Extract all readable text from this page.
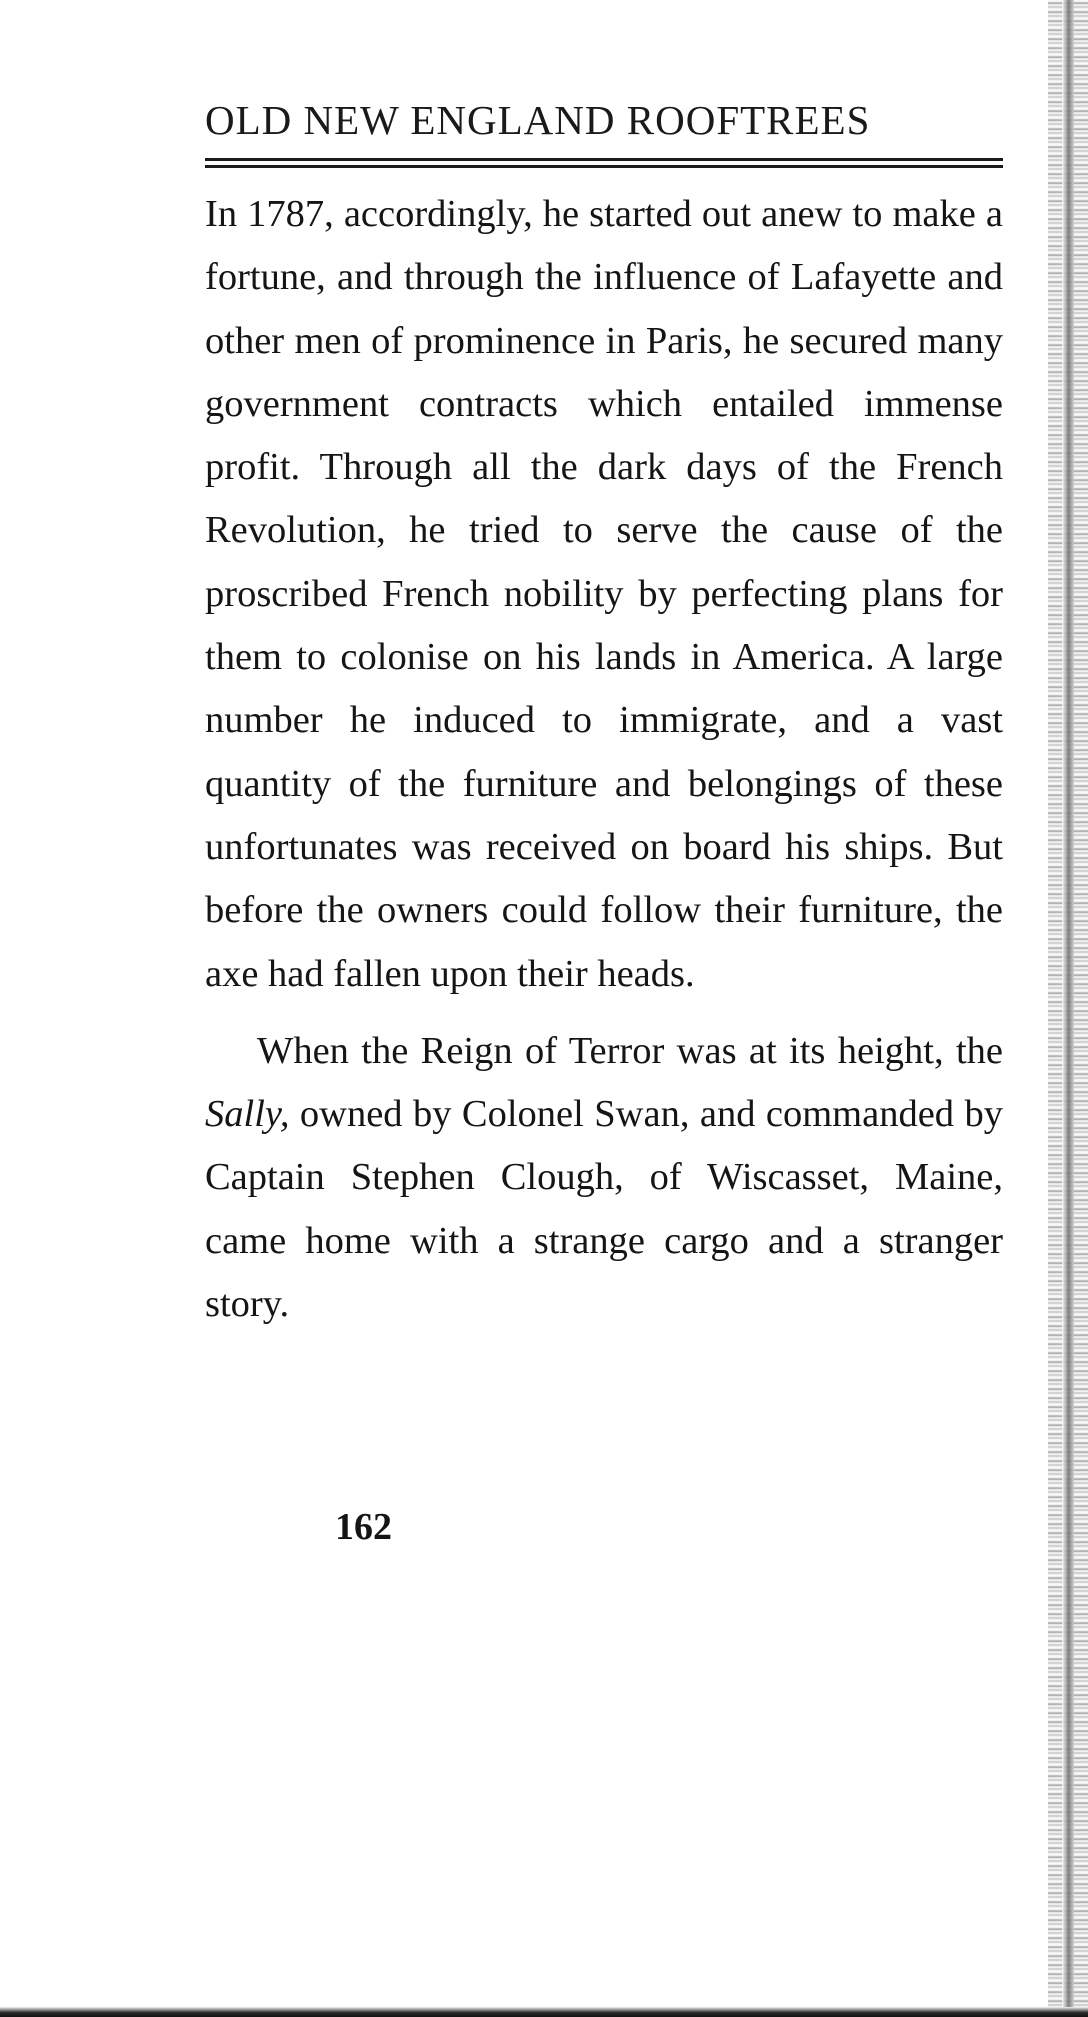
OLD NEW ENGLAND ROOFTREES

In 1787, accordingly, he started out anew to make a fortune, and through the influence of Lafayette and other men of prominence in Paris, he secured many government contracts which entailed immense profit. Through all the dark days of the French Revolution, he tried to serve the cause of the proscribed French nobility by perfecting plans for them to colonise on his lands in America. A large number he induced to immigrate, and a vast quantity of the furniture and belongings of these unfortunates was received on board his ships. But before the owners could follow their furniture, the axe had fallen upon their heads.

When the Reign of Terror was at its height, the Sally, owned by Colonel Swan, and commanded by Captain Stephen Clough, of Wiscasset, Maine, came home with a strange cargo and a stranger story.

162
